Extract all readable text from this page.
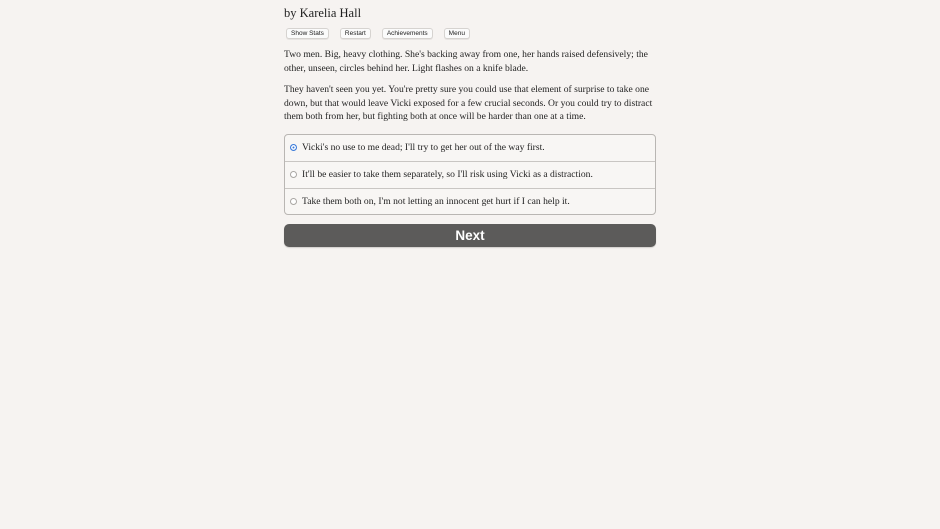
by Karelia Hall
Show Stats	Restart	Achievements	Menu

Two men. Big, heavy clothing. She's backing away from one, her hands raised defensively; the other, unseen, circles behind her. Light flashes on a knife blade.

They haven't seen you yet. You're pretty sure you could use that element of surprise to take one down, but that would leave Vicki exposed for a few crucial seconds. Or you could try to distract them both from her, but fighting both at once will be harder than one at a time.

Vicki's no use to me dead; I'll try to get her out of the way first.
It'll be easier to take them separately, so I'll risk using Vicki as a distraction.
Take them both on, I'm not letting an innocent get hurt if I can help it.
Next
